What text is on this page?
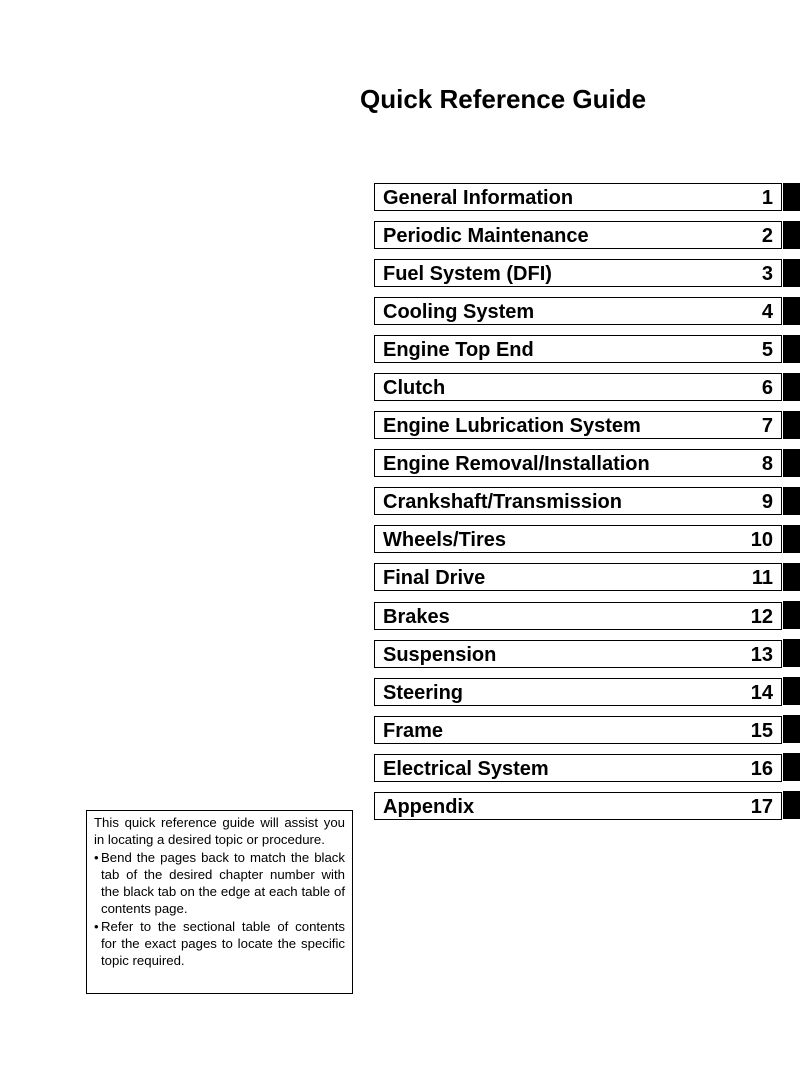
Quick Reference Guide
General Information	1
Periodic Maintenance	2
Fuel System (DFI)	3
Cooling System	4
Engine Top End	5
Clutch	6
Engine Lubrication System	7
Engine Removal/Installation	8
Crankshaft/Transmission	9
Wheels/Tires	10
Final Drive	11
Brakes	12
Suspension	13
Steering	14
Frame	15
Electrical System	16
Appendix	17

This quick reference guide will assist you in locating a desired topic or procedure.

• Bend the pages back to match the black tab of the desired chapter number with the black tab on the edge at each table of contents page.
• Refer to the sectional table of contents for the exact pages to locate the specific topic required.
